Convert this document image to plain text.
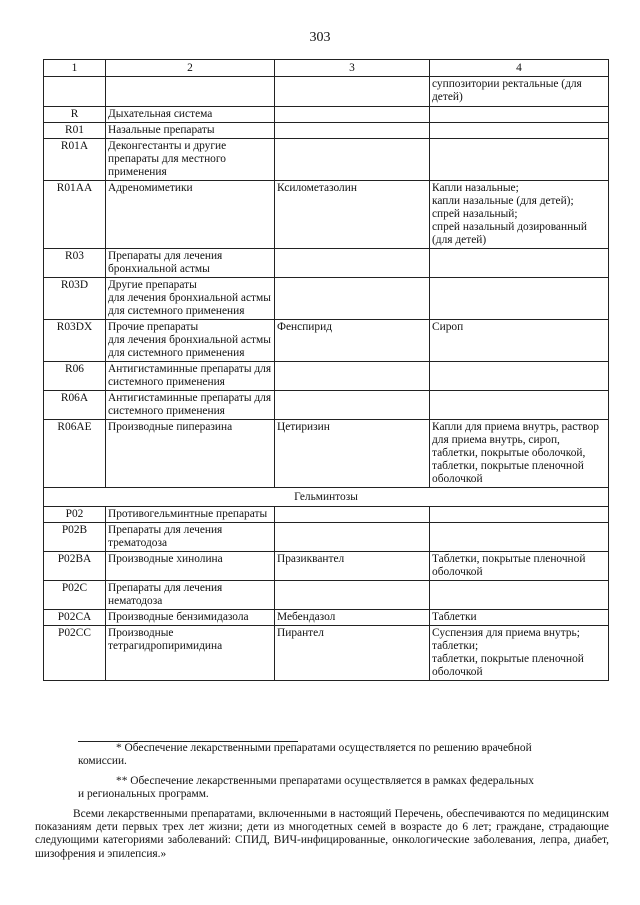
303
1	2	3	4
			суппозитории ректальные (для детей)
R	Дыхательная система		
R01	Назальные препараты		
R01A	Деконгестанты и другие препараты для местного применения		
R01AA	Адреномиметики	Ксилометазолин	Капли назальные;
капли назальные (для детей);
спрей назальный;
спрей назальный дозированный (для детей)
R03	Препараты для лечения бронхиальной астмы		
R03D	Другие препараты
для лечения бронхиальной астмы для системного применения		
R03DX	Прочие препараты
для лечения бронхиальной астмы для системного применения	Фенспирид	Сироп
R06	Антигистаминные препараты для системного применения		
R06A	Антигистаминные препараты для системного применения		
R06AE	Производные пиперазина	Цетиризин	Капли для приема внутрь, раствор для приема внутрь, сироп, таблетки, покрытые оболочкой, таблетки, покрытые пленочной оболочкой
Гельминтозы			
P02	Противогельминтные препараты		
P02B	Препараты для лечения трематодоза		
P02BA	Производные хинолина	Празиквантел	Таблетки, покрытые пленочной оболочкой
P02C	Препараты для лечения нематодоза		
P02CA	Производные бензимидазола	Мебендазол	Таблетки
P02CC	Производные тетрагидропиримидина	Пирантел	Суспензия для приема внутрь;
таблетки;
таблетки, покрытые пленочной оболочкой

* Обеспечение лекарственными препаратами осуществляется по решению врачебной
комиссии.

** Обеспечение лекарственными препаратами осуществляется в рамках федеральных
и региональных программ.

Всеми лекарственными препаратами, включенными в настоящий Перечень, обеспечиваются по медицинским показаниям дети первых трех лет жизни; дети из многодетных семей в возрасте до 6 лет; граждане, страдающие следующими категориями заболеваний: СПИД, ВИЧ-инфицированные, онкологические заболевания, лепра, диабет, шизофрения и эпилепсия.»
